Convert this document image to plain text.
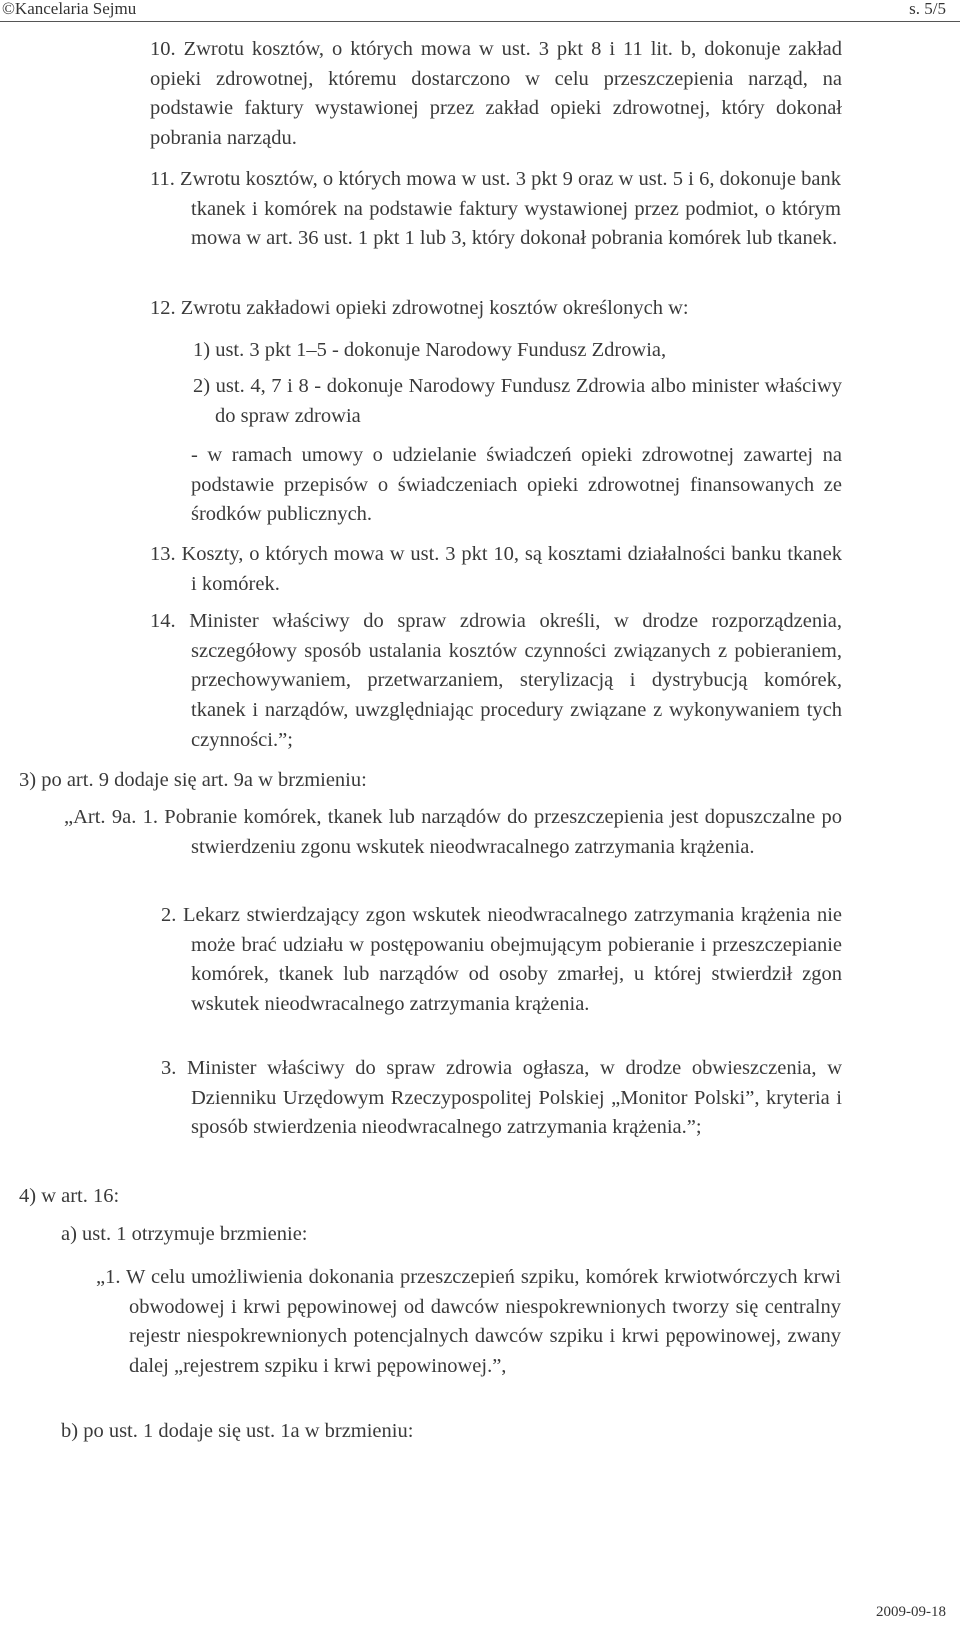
©Kancelaria Sejmu	s. 5/5

10. Zwrotu kosztów, o których mowa w ust. 3 pkt 8 i 11 lit. b, dokonuje zakład opieki zdrowotnej, któremu dostarczono w celu przeszczepienia narząd, na podstawie faktury wystawionej przez zakład opieki zdrowotnej, który dokonał pobrania narządu.

11. Zwrotu kosztów, o których mowa w ust. 3 pkt 9 oraz w ust. 5 i 6, dokonuje bank tkanek i komórek na podstawie faktury wystawionej przez podmiot, o którym mowa w art. 36 ust. 1 pkt 1 lub 3, który dokonał pobrania komórek lub tkanek.

12. Zwrotu zakładowi opieki zdrowotnej kosztów określonych w:

1) ust. 3 pkt 1–5 - dokonuje Narodowy Fundusz Zdrowia,

2) ust. 4, 7 i 8 - dokonuje Narodowy Fundusz Zdrowia albo minister właściwy do spraw zdrowia

- w ramach umowy o udzielanie świadczeń opieki zdrowotnej zawartej na podstawie przepisów o świadczeniach opieki zdrowotnej finansowanych ze środków publicznych.

13. Koszty, o których mowa w ust. 3 pkt 10, są kosztami działalności banku tkanek i komórek.

14. Minister właściwy do spraw zdrowia określi, w drodze rozporządzenia, szczegółowy sposób ustalania kosztów czynności związanych z pobieraniem, przechowywaniem, przetwarzaniem, sterylizacją i dystrybucją komórek, tkanek i narządów, uwzględniając procedury związane z wykonywaniem tych czynności.”;

3) po art. 9 dodaje się art. 9a w brzmieniu:

„Art. 9a. 1. Pobranie komórek, tkanek lub narządów do przeszczepienia jest dopuszczalne po stwierdzeniu zgonu wskutek nieodwracalnego zatrzymania krążenia.

2. Lekarz stwierdzający zgon wskutek nieodwracalnego zatrzymania krążenia nie może brać udziału w postępowaniu obejmującym pobieranie i przeszczepianie komórek, tkanek lub narządów od osoby zmarłej, u której stwierdził zgon wskutek nieodwracalnego zatrzymania krążenia.

3. Minister właściwy do spraw zdrowia ogłasza, w drodze obwieszczenia, w Dzienniku Urzędowym Rzeczypospolitej Polskiej „Monitor Polski”, kryteria i sposób stwierdzenia nieodwracalnego zatrzymania krążenia.”;

4) w art. 16:

a) ust. 1 otrzymuje brzmienie:

„1. W celu umożliwienia dokonania przeszczepień szpiku, komórek krwiotwórczych krwi obwodowej i krwi pępowinowej od dawców niespokrewnionych tworzy się centralny rejestr niespokrewnionych potencjalnych dawców szpiku i krwi pępowinowej, zwany dalej „rejestrem szpiku i krwi pępowinowej.”,

b) po ust. 1 dodaje się ust. 1a w brzmieniu:

2009-09-18
